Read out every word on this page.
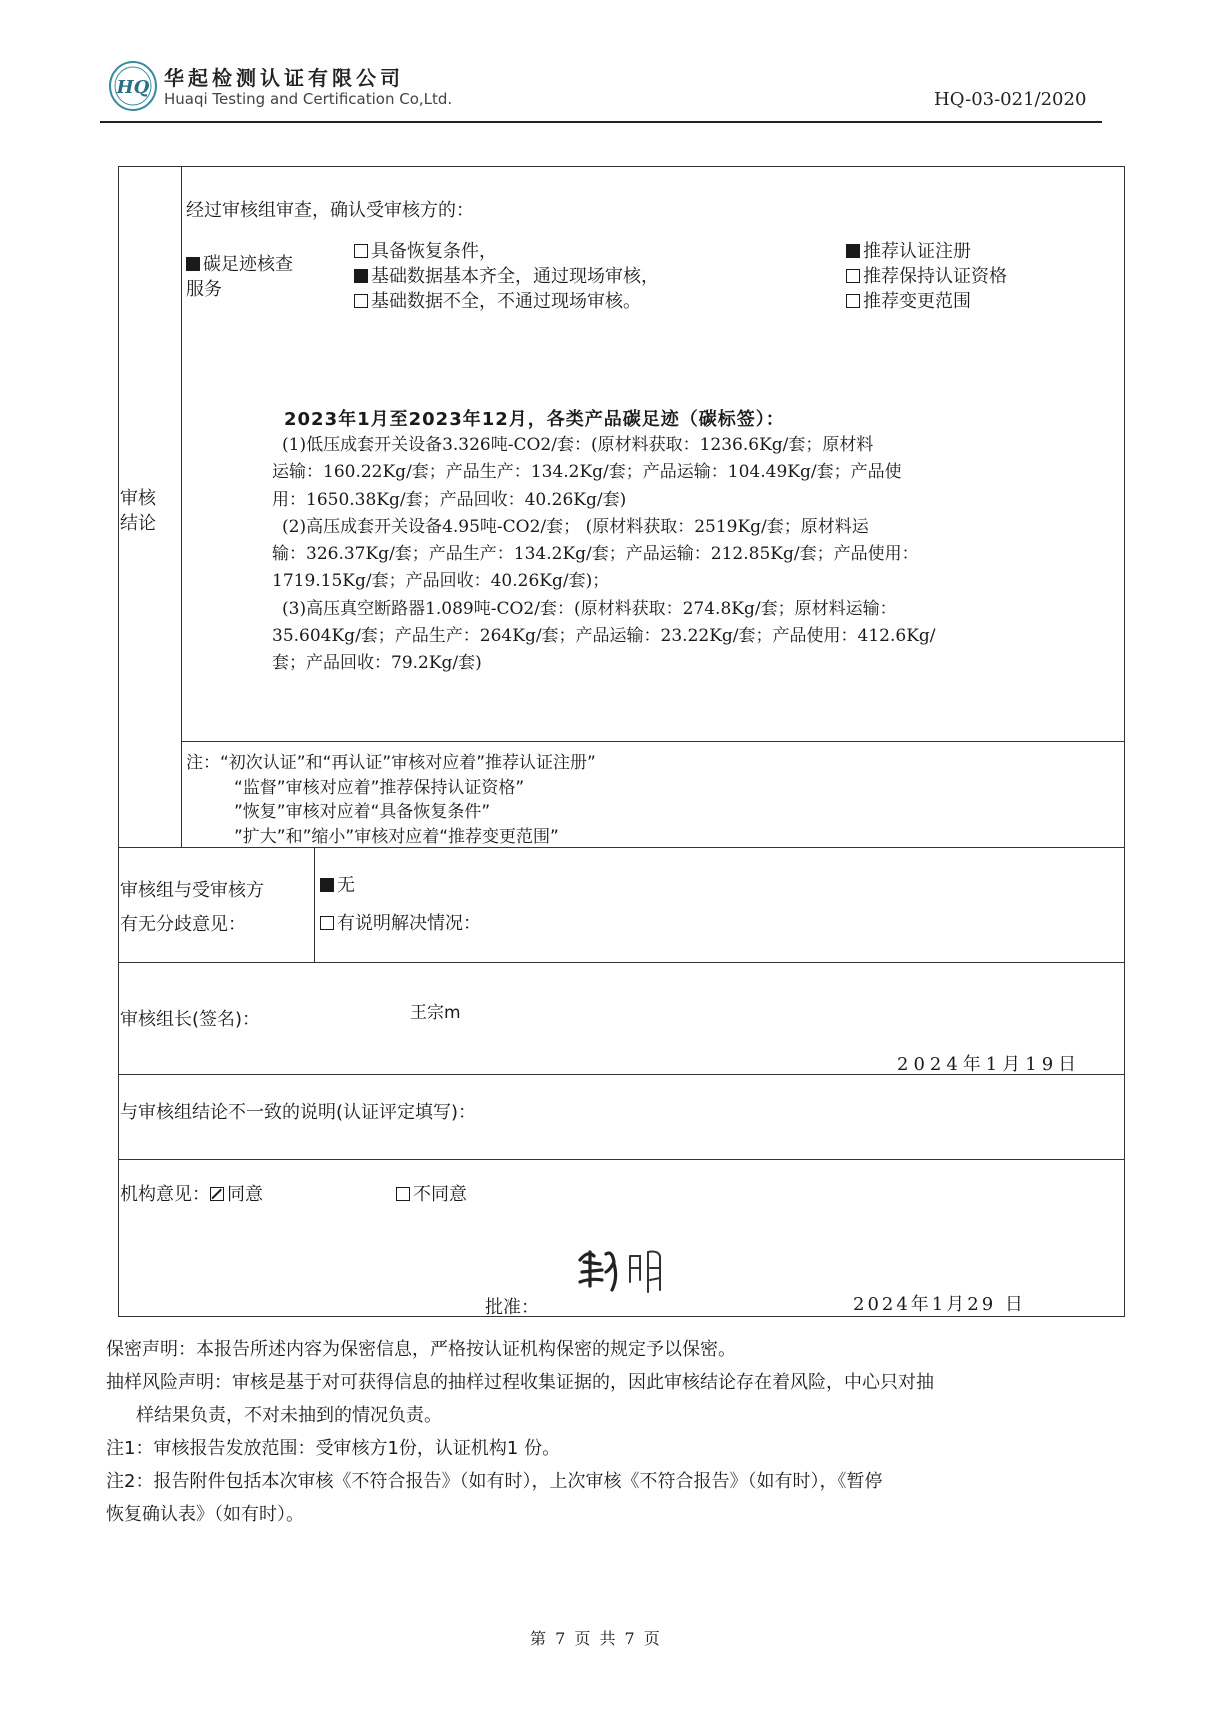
HQ 华起检测认证有限公司
Huaqi Testing and Certification Co,Ltd.	HQ-03-021/2020
审核
结论
经过审核组审查，确认受审核方的：
碳足迹核查
服务
具备恢复条件，
基础数据基本齐全，通过现场审核，
基础数据不全，不通过现场审核。
推荐认证注册
推荐保持认证资格
推荐变更范围
2023年1月至2023年12月，各类产品碳足迹（碳标签）：
(1)低压成套开关设备3.326吨-CO2/套：(原材料获取：1236.6Kg/套；原材料
运输：160.22Kg/套；产品生产：134.2Kg/套；产品运输：104.49Kg/套；产品使
用：1650.38Kg/套；产品回收：40.26Kg/套)
(2)高压成套开关设备4.95吨-CO2/套； (原材料获取：2519Kg/套；原材料运
输：326.37Kg/套；产品生产：134.2Kg/套；产品运输：212.85Kg/套；产品使用：
1719.15Kg/套；产品回收：40.26Kg/套)；
(3)高压真空断路器1.089吨-CO2/套：(原材料获取：274.8Kg/套；原材料运输：
35.604Kg/套；产品生产：264Kg/套；产品运输：23.22Kg/套；产品使用：412.6Kg/
套；产品回收：79.2Kg/套)
注：“初次认证”和“再认证”审核对应着”推荐认证注册”
“监督”审核对应着”推荐保持认证资格”
”恢复”审核对应着“具备恢复条件”
”扩大”和”缩小”审核对应着“推荐变更范围”
审核组与受审核方
有无分歧意见：
无
有说明解决情况：
审核组长(签名)：	王宗m
2024年1月19日
与审核组结论不一致的说明(认证评定填写)：
机构意见： 同意	不同意
批准：	2024年1月29 日
保密声明：本报告所述内容为保密信息，严格按认证机构保密的规定予以保密。
抽样风险声明：审核是基于对可获得信息的抽样过程收集证据的，因此审核结论存在着风险，中心只对抽
样结果负责，不对未抽到的情况负责。
注1：审核报告发放范围：受审核方1份，认证机构1 份。
注2：报告附件包括本次审核《不符合报告》（如有时），上次审核《不符合报告》（如有时），《暂停
恢复确认表》（如有时）。
第 7 页 共 7 页
